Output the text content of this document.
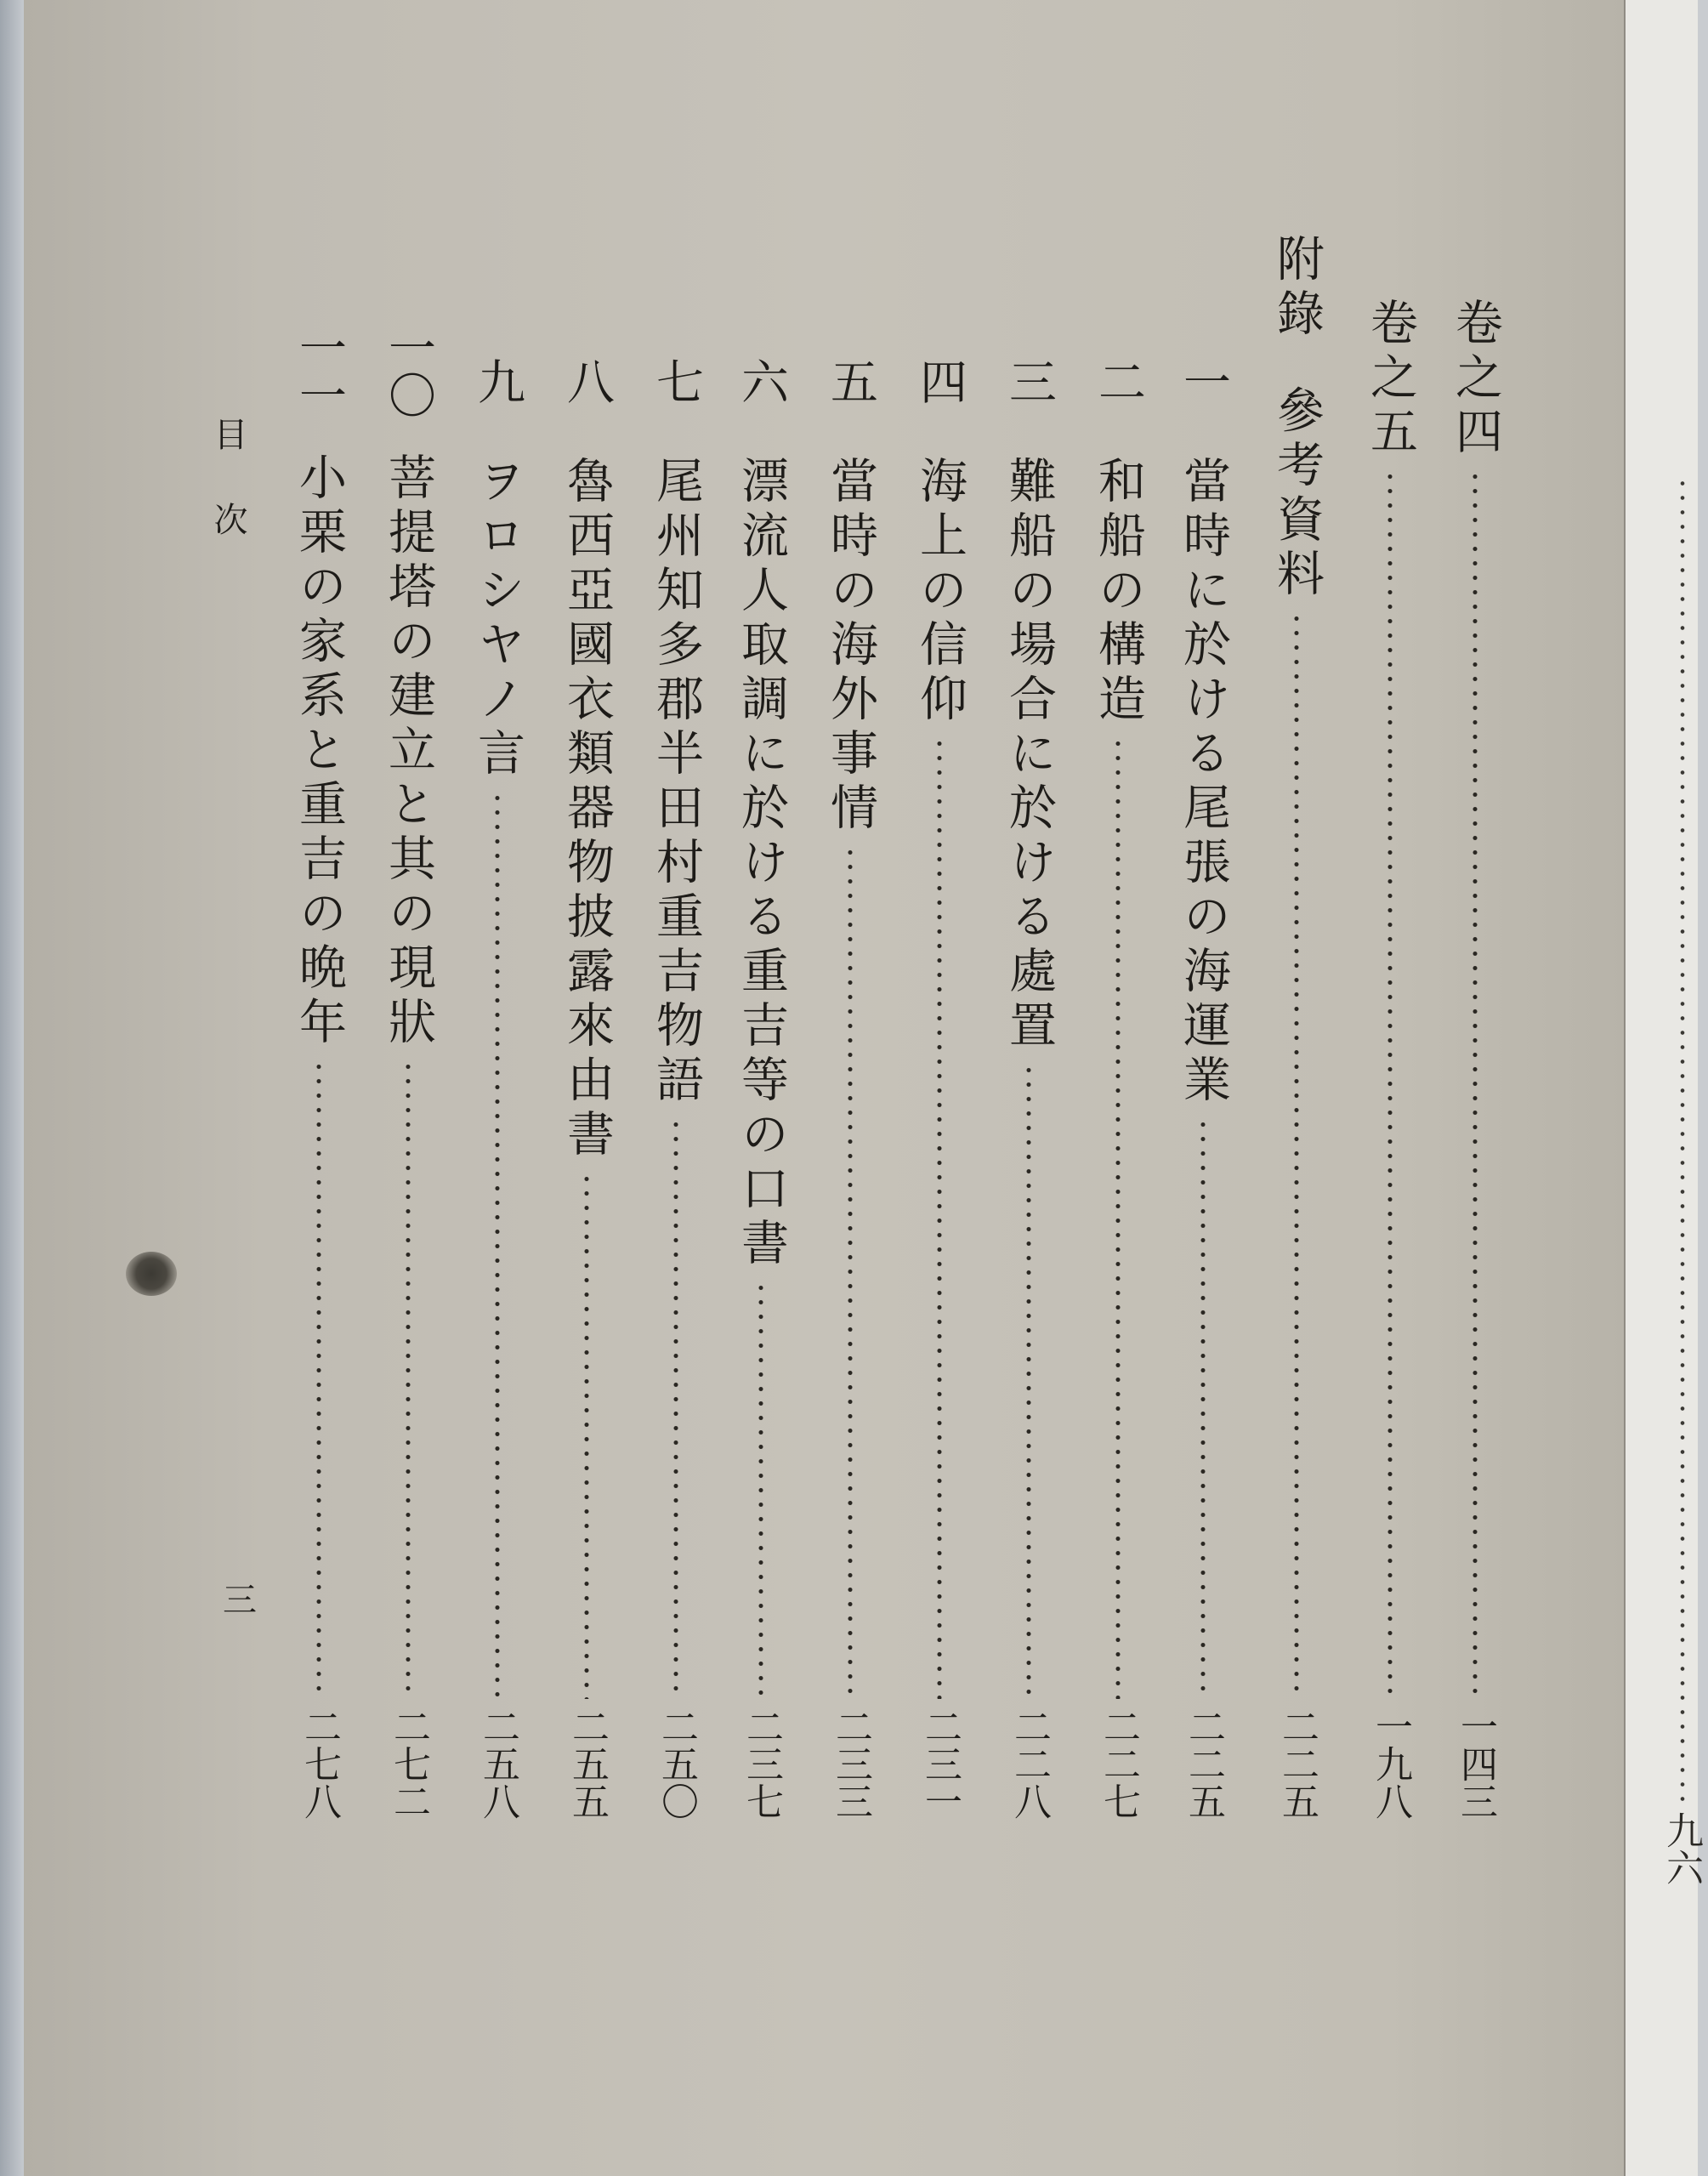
卷之四
一四三
卷之五
一九八
附錄
參考資料
二二五
一
當時に於ける尾張の海運業
二二五
二
和船の構造
二二七
三
難船の場合に於ける處置
二二八
四
海上の信仰
二三一
五
當時の海外事情
二三三
六
漂流人取調に於ける重吉等の口書
二三七
七
尾州知多郡半田村重吉物語
二五〇
八
魯西亞國衣類器物披露來由書
二五五
九
ヲロシヤノ言
二五八
一〇
菩提塔の建立と其の現狀
二七二
一一
小栗の家系と重吉の晩年
二七八
目次
三
九六
